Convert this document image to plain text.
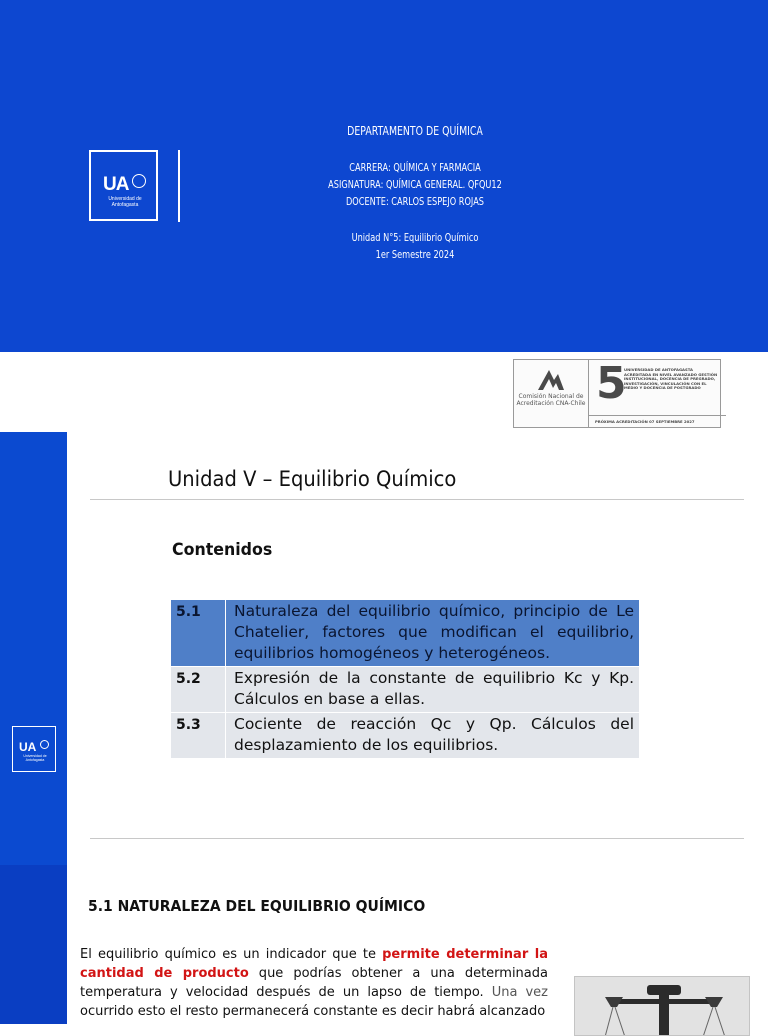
UA
Universidad de Antofagasta
DEPARTAMENTO DE QUÍMICA
CARRERA: QUÍMICA Y FARMACIA
ASIGNATURA: QUÍMICA GENERAL. QFQU12
DOCENTE: CARLOS ESPEJO ROJAS
Unidad N°5: Equilibrio Químico
1er Semestre 2024
UA
Universidad de Antofagasta
Comisión Nacional de Acreditación CNA-Chile 5
UNIVERSIDAD DE ANTOFAGASTA ACREDITADA EN NIVEL AVANZADO GESTIÓN INSTITUCIONAL, DOCENCIA DE PREGRADO, INVESTIGACIÓN, VINCULACIÓN CON EL MEDIO Y DOCENCIA DE POSTGRADO
PRÓXIMA ACREDITACIÓN 07 SEPTIEMBRE 2027
Unidad V – Equilibrio Químico
Contenidos
5.1	Naturaleza del equilibrio químico, principio de Le Chatelier, factores que modifican el equilibrio, equilibrios homogéneos y heterogéneos.
5.2	Expresión de la constante de equilibrio Kc y Kp. Cálculos en base a ellas.
5.3	Cociente de reacción Qc y Qp. Cálculos del desplazamiento de los equilibrios.
5.1 NATURALEZA DEL EQUILIBRIO QUÍMICO
El equilibrio químico es un indicador que te permite determinar la cantidad de producto que podrías obtener a una determinada temperatura y velocidad después de un lapso de tiempo. Una vez ocurrido esto el resto permanecerá constante es decir habrá alcanzado
